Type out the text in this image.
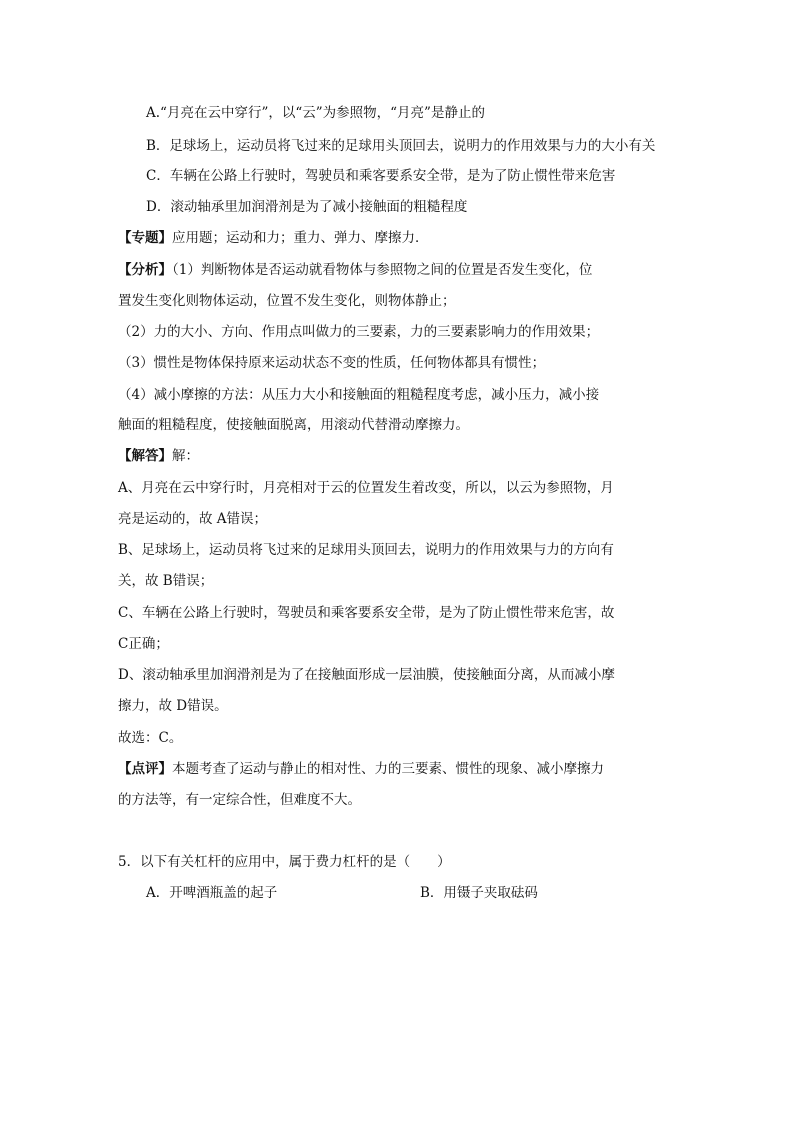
A.“月亮在云中穿行”，以“云”为参照物，“月亮”是静止的
B．足球场上，运动员将飞过来的足球用头顶回去，说明力的作用效果与力的大小有关
C．车辆在公路上行驶时，驾驶员和乘客要系安全带，是为了防止惯性带来危害
D．滚动轴承里加润滑剂是为了减小接触面的粗糙程度
【专题】应用题；运动和力；重力、弹力、摩擦力．
【分析】（1）判断物体是否运动就看物体与参照物之间的位置是否发生变化，位
置发生变化则物体运动，位置不发生变化，则物体静止；
（2）力的大小、方向、作用点叫做力的三要素，力的三要素影响力的作用效果；
（3）惯性是物体保持原来运动状态不变的性质，任何物体都具有惯性；
（4）减小摩擦的方法：从压力大小和接触面的粗糙程度考虑，减小压力，减小接
触面的粗糙程度，使接触面脱离，用滚动代替滑动摩擦力。
【解答】解：
A、月亮在云中穿行时，月亮相对于云的位置发生着改变，所以，以云为参照物，月
亮是运动的，故 A错误；
B、足球场上，运动员将飞过来的足球用头顶回去，说明力的作用效果与力的方向有
关，故 B错误；
C、车辆在公路上行驶时，驾驶员和乘客要系安全带，是为了防止惯性带来危害，故
C正确；
D、滚动轴承里加润滑剂是为了在接触面形成一层油膜，使接触面分离，从而减小摩
擦力，故 D错误。
故选：C。
【点评】本题考查了运动与静止的相对性、力的三要素、惯性的现象、减小摩擦力
的方法等，有一定综合性，但难度不大。
5．以下有关杠杆的应用中，属于费力杠杆的是（　　）
A．开啤酒瓶盖的起子	B．用镊子夹取砝码
